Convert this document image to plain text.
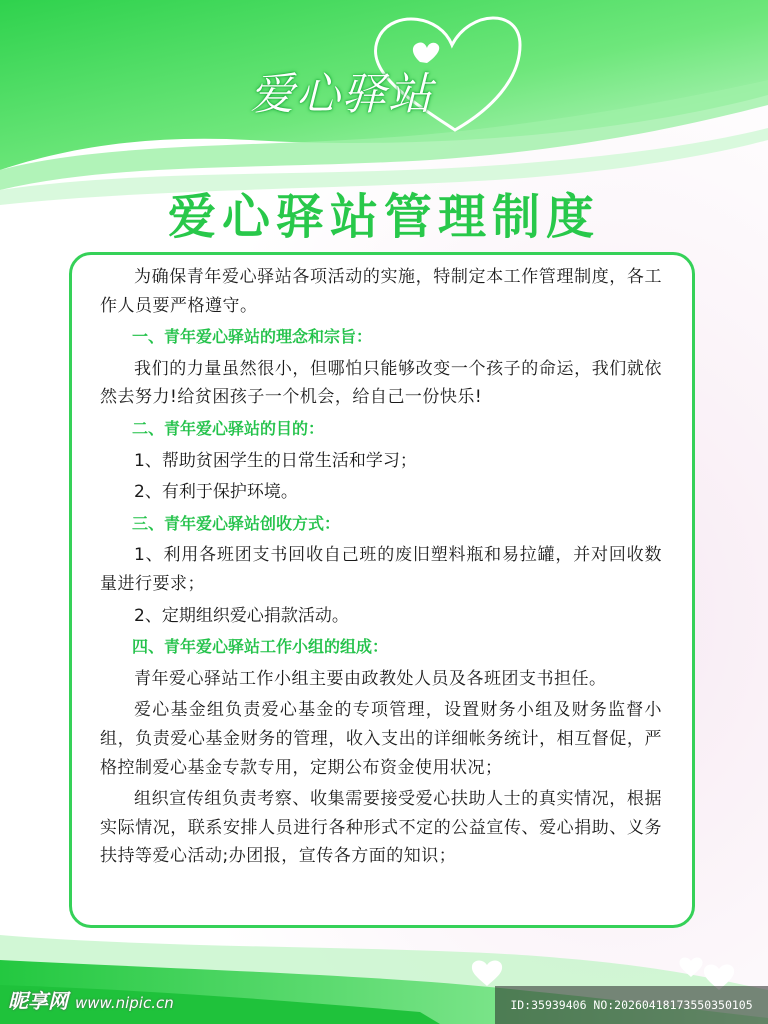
爱心驿站
爱心驿站管理制度

为确保青年爱心驿站各项活动的实施，特制定本工作管理制度，各工作人员要严格遵守。

一、青年爱心驿站的理念和宗旨：

我们的力量虽然很小，但哪怕只能够改变一个孩子的命运，我们就依然去努力!给贫困孩子一个机会，给自己一份快乐!

二、青年爱心驿站的目的：

1、帮助贫困学生的日常生活和学习；

2、有利于保护环境。

三、青年爱心驿站创收方式：

1、利用各班团支书回收自己班的废旧塑料瓶和易拉罐，并对回收数量进行要求；

2、定期组织爱心捐款活动。

四、青年爱心驿站工作小组的组成：

青年爱心驿站工作小组主要由政教处人员及各班团支书担任。

爱心基金组负责爱心基金的专项管理，设置财务小组及财务监督小组，负责爱心基金财务的管理，收入支出的详细帐务统计，相互督促，严格控制爱心基金专款专用，定期公布资金使用状况；

组织宣传组负责考察、收集需要接受爱心扶助人士的真实情况，根据实际情况，联系安排人员进行各种形式不定的公益宣传、爱心捐助、义务扶持等爱心活动;办团报，宣传各方面的知识；

昵享网 www.nipic.cn	ID:35939406 NO:20260418173550350105
